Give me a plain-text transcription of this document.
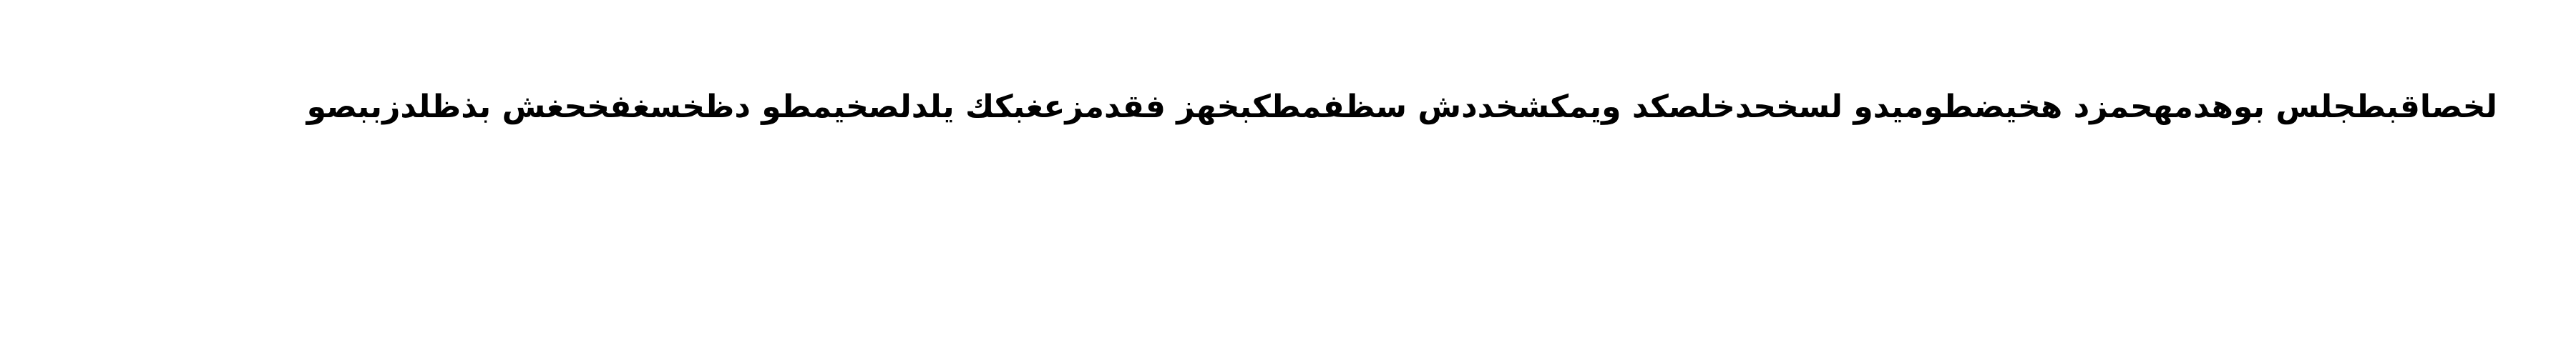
لخصاقبطجلس بوهدمهحمزد هخيضطوميدو لسخحدخلصكد ويمكشخددش سظفمطكبخهز فقدمزعغبكك يلدلصخيمطو دظخسغفخحغش بذظلدزببصو
